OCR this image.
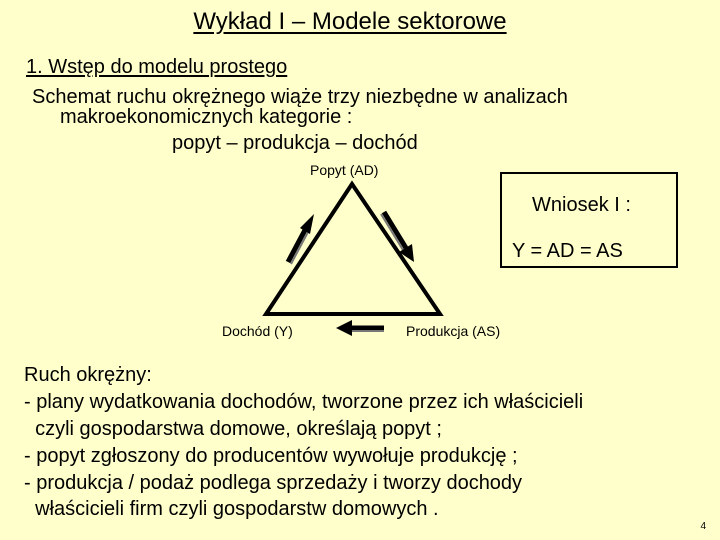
Wykład I – Modele sektorowe
1. Wstęp do modelu prostego
Schemat ruchu okrężnego wiąże trzy niezbędne w analizach
makroekonomicznych kategorie :
popyt – produkcja – dochód
Popyt (AD)
Dochód (Y)	Produkcja (AS)
Wniosek I :
Y = AD = AS
Ruch okrężny:
- plany wydatkowania dochodów, tworzone przez ich właścicieli
czyli gospodarstwa domowe, określają popyt ;
- popyt zgłoszony do producentów wywołuje produkcję ;
- produkcja / podaż podlega sprzedaży i tworzy dochody
właścicieli firm czyli gospodarstw domowych .
4
